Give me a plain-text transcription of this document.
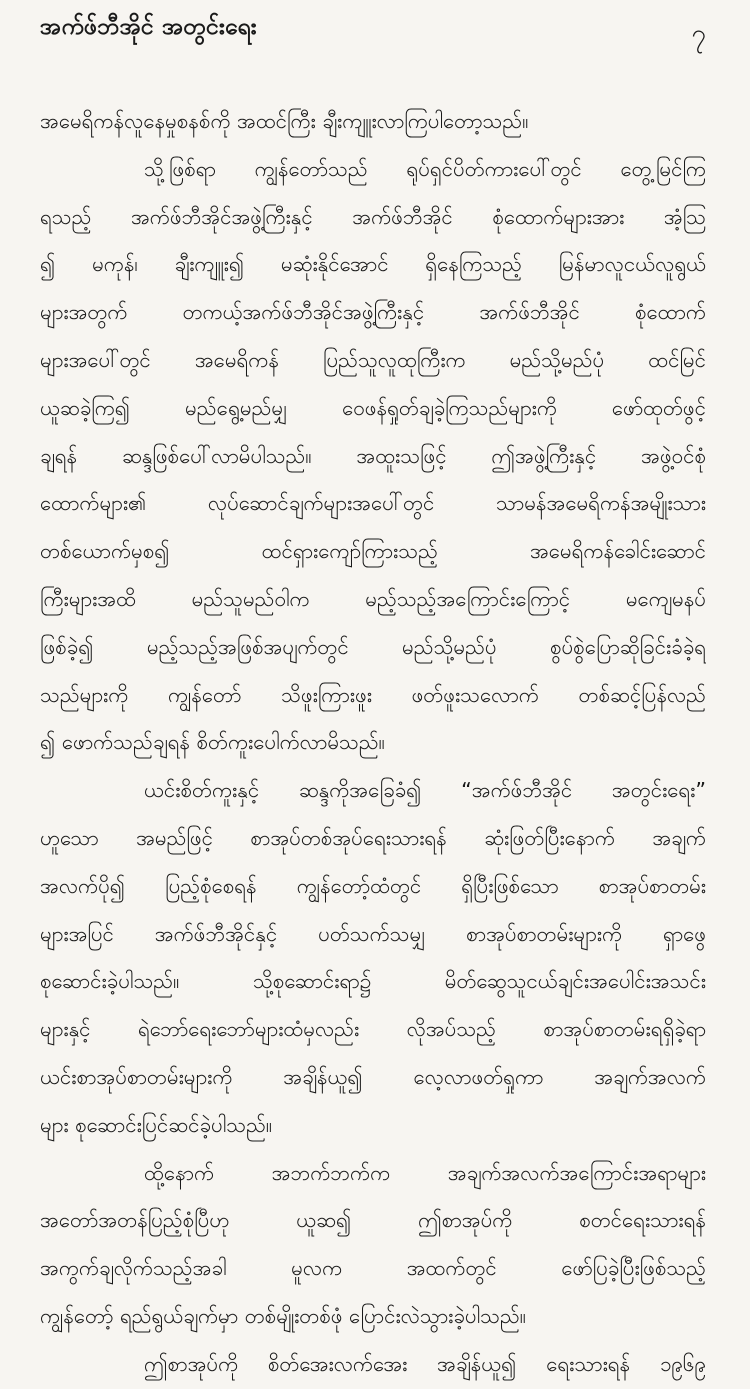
အက်ဖ်ဘီအိုင် အတွင်းရေး	၇
အမေရိကန်လူနေမှုစနစ်ကို အထင်ကြီး ချီးကျူးလာကြပါတော့သည်။
သို့ဖြစ်ရာ ကျွန်တော်သည် ရုပ်ရှင်ပိတ်ကားပေါ်တွင် တွေ့မြင်ကြ
ရသည့် အက်ဖ်ဘီအိုင်အဖွဲ့ကြီးနှင့် အက်ဖ်ဘီအိုင် စုံထောက်များအား အံ့သြ
၍ မကုန်၊ ချီးကျူး၍ မဆုံးနိုင်အောင် ရှိနေကြသည့် မြန်မာလူငယ်လူရွယ်
များအတွက် တကယ့်အက်ဖ်ဘီအိုင်အဖွဲ့ကြီးနှင့် အက်ဖ်ဘီအိုင် စုံထောက်
များအပေါ်တွင် အမေရိကန် ပြည်သူလူထုကြီးက မည်သို့မည်ပုံ ထင်မြင်
ယူဆခဲ့ကြ၍ မည်ရွေ့မည်မျှ ဝေဖန်ရှုတ်ချခဲ့ကြသည်များကို ဖော်ထုတ်ဖွင့်
ချရန် ဆန္ဒဖြစ်ပေါ်လာမိပါသည်။ အထူးသဖြင့် ဤအဖွဲ့ကြီးနှင့် အဖွဲ့ဝင်စုံ
ထောက်များ၏ လုပ်ဆောင်ချက်များအပေါ်တွင် သာမန်အမေရိကန်အမျိုးသား
တစ်ယောက်မှစ၍ ထင်ရှားကျော်ကြားသည့် အမေရိကန်ခေါင်းဆောင်
ကြီးများအထိ မည်သူမည်ဝါက မည့်သည့်အကြောင်းကြောင့် မကျေမနပ်
ဖြစ်ခဲ့၍ မည့်သည့်အဖြစ်အပျက်တွင် မည်သို့မည်ပုံ စွပ်စွဲပြောဆိုခြင်းခံခဲ့ရ
သည်များကို ကျွန်တော် သိဖူးကြားဖူး ဖတ်ဖူးသလောက် တစ်ဆင့်ပြန်လည်
၍ ဖောက်သည်ချရန် စိတ်ကူးပေါက်လာမိသည်။
ယင်းစိတ်ကူးနှင့် ဆန္ဒကိုအခြေခံ၍ “အက်ဖ်ဘီအိုင် အတွင်းရေး”
ဟူသော အမည်ဖြင့် စာအုပ်တစ်အုပ်ရေးသားရန် ဆုံးဖြတ်ပြီးနောက် အချက်
အလက်ပို၍ ပြည့်စုံစေရန် ကျွန်တော့်ထံတွင် ရှိပြီးဖြစ်သော စာအုပ်စာတမ်း
များအပြင် အက်ဖ်ဘီအိုင်နှင့် ပတ်သက်သမျှ စာအုပ်စာတမ်းများကို ရှာဖွေ
စုဆောင်းခဲ့ပါသည်။ သို့စုဆောင်းရာ၌ မိတ်ဆွေသူငယ်ချင်းအပေါင်းအသင်း
များနှင့် ရဲဘော်ရေးဘော်များထံမှလည်း လိုအပ်သည့် စာအုပ်စာတမ်းရရှိခဲ့ရာ
ယင်းစာအုပ်စာတမ်းများကို အချိန်ယူ၍ လေ့လာဖတ်ရှုကာ အချက်အလက်
များ စုဆောင်းပြင်ဆင်ခဲ့ပါသည်။
ထို့နောက် အဘက်ဘက်က အချက်အလက်အကြောင်းအရာများ
အတော်အတန်ပြည့်စုံပြီဟု ယူဆ၍ ဤစာအုပ်ကို စတင်ရေးသားရန်
အကွက်ချလိုက်သည့်အခါ မူလက အထက်တွင် ဖော်ပြခဲ့ပြီးဖြစ်သည့်
ကျွန်တော့် ရည်ရွယ်ချက်မှာ တစ်မျိုးတစ်ဖုံ ပြောင်းလဲသွားခဲ့ပါသည်။
ဤစာအုပ်ကို စိတ်အေးလက်အေး အချိန်ယူ၍ ရေးသားရန် ၁၉၆၉
